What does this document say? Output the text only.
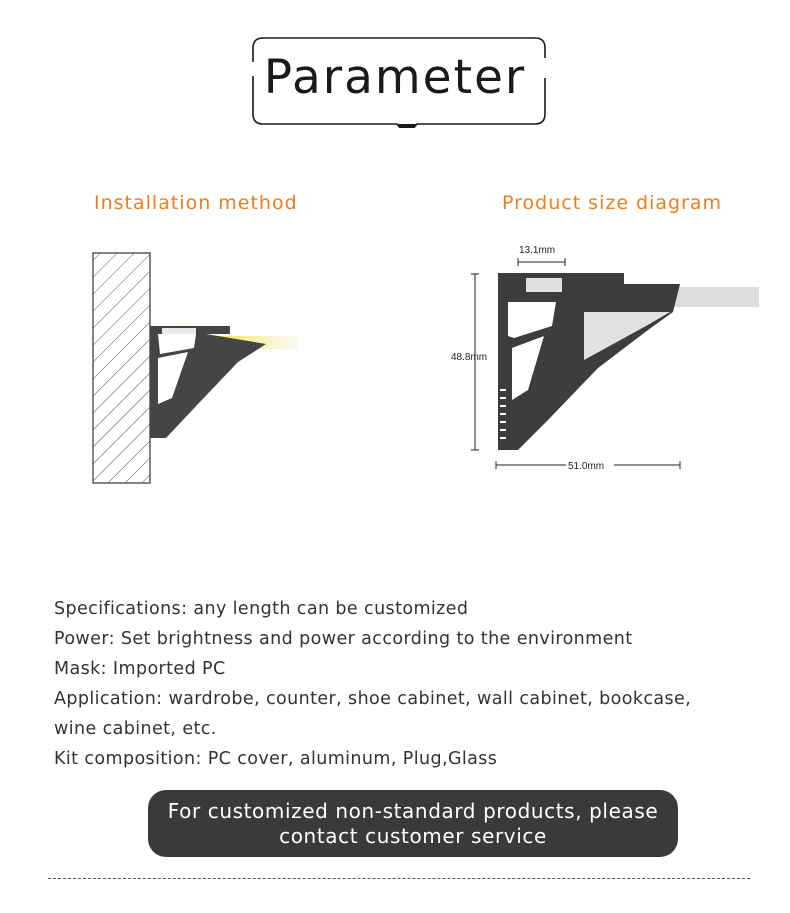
Parameter
Installation method	Product size diagram
13.1mm
48.8mm
51.0mm
Specifications: any length can be customized
Power: Set brightness and power according to the environment
Mask: Imported PC
Application: wardrobe, counter, shoe cabinet, wall cabinet, bookcase,
wine cabinet, etc.
Kit composition: PC cover, aluminum, Plug,Glass
For customized non-standard products, please
contact customer service
